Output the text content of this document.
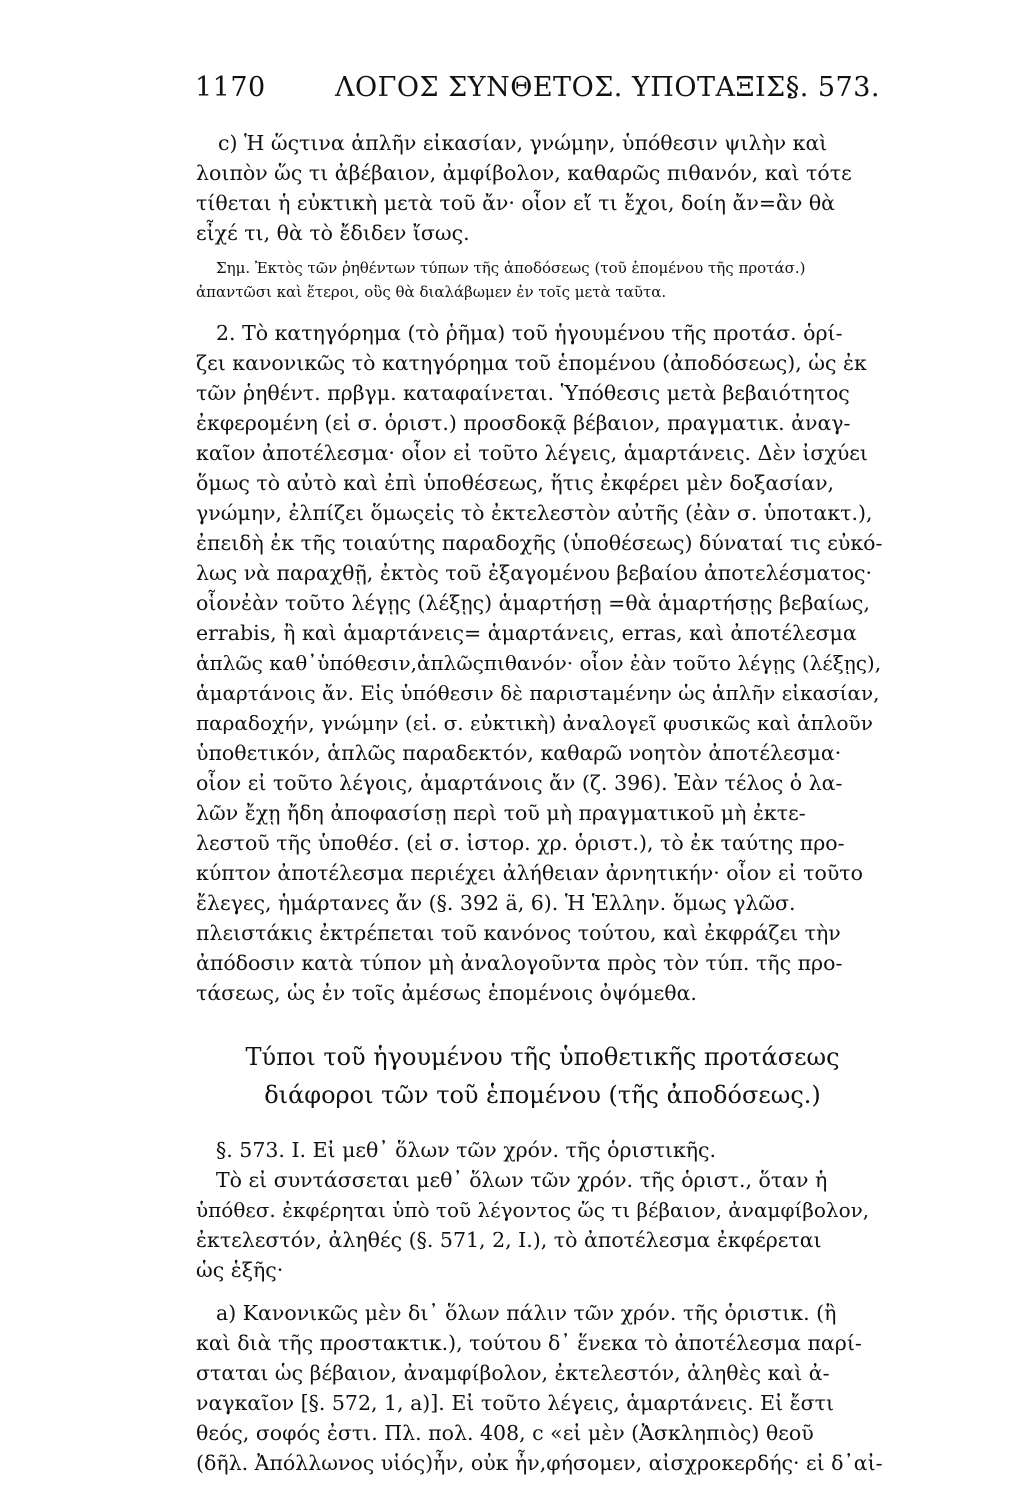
1170	ΛΟΓΟΣ ΣΥΝΘΕΤΟΣ. ΥΠΟΤΑΞΙΣ.
§. 573.
c) Ἡ ὥςτινα ἁπλῆν εἰκασίαν, γνώμην, ὑπόθεσιν ψιλὴν καὶ
λοιπὸν ὥς τι ἀβέβαιον, ἀμφίβολον, καθαρῶς πιθανόν, καὶ τότε
τίθεται ἡ εὐκτικὴ μετὰ τοῦ ἄν· οἷον εἴ τι ἔχοι, δοίη ἄν=ἂν θὰ
εἶχέ τι, θὰ τὸ ἔδιδεν ἴσως.
Σημ. Ἐκτὸς τῶν ῥηθέντων τύπων τῆς ἀποδόσεως (τοῦ ἑπομένου τῆς προτάσ.)
ἀπαντῶσι καὶ ἕτεροι, οὓς θὰ διαλάβωμεν ἐν τοῖς μετὰ ταῦτα.
2. Τὸ κατηγόρημα (τὸ ῥῆμα) τοῦ ἡγουμένου τῆς προτάσ. ὁρί-
ζει κανονικῶς τὸ κατηγόρημα τοῦ ἑπομένου (ἀποδόσεως), ὡς ἐκ
τῶν ῥηθέντ. πρβγμ. καταφαίνεται. Ὑπόθεσις μετὰ βεβαιότητος
ἐκφερομένη (εἰ σ. ὁριστ.) προσδοκᾷ βέβαιον, πραγματικ. ἀναγ-
καῖον ἀποτέλεσμα· οἷον εἰ τοῦτο λέγεις, ἁμαρτάνεις. Δὲν ἰσχύει
ὅμως τὸ αὐτὸ καὶ ἐπὶ ὑποθέσεως, ἥτις ἐκφέρει μὲν δοξασίαν,
γνώμην, ἐλπίζει ὅμωςεἰς τὸ ἐκτελεστὸν αὐτῆς (ἐὰν σ. ὑποτακτ.),
ἐπειδὴ ἐκ τῆς τοιαύτης παραδοχῆς (ὑποθέσεως) δύναταί τις εὐκό-
λως νὰ παραχθῇ, ἐκτὸς τοῦ ἐξαγομένου βεβαίου ἀποτελέσματος·
οἷονἐὰν τοῦτο λέγῃς (λέξῃς) ἁμαρτήσῃ =θὰ ἁμαρτήσῃς βεβαίως,
errabis, ἢ καὶ ἁμαρτάνεις= ἁμαρτάνεις, erras, καὶ ἀποτέλεσμα
ἁπλῶς καθ᾽ὑπόθεσιν,ἁπλῶςπιθανόν· οἷον ἐὰν τοῦτο λέγῃς (λέξῃς),
ἁμαρτάνοις ἄν. Εἰς ὑπόθεσιν δὲ παριστaμένην ὡς ἁπλῆν εἰκασίαν,
παραδοχήν, γνώμην (εἰ. σ. εὐκτικὴ) ἀναλογεῖ φυσικῶς καὶ ἁπλοῦν
ὑποθετικόν, ἁπλῶς παραδεκτόν, καθαρῶ νοητὸν ἀποτέλεσμα·
οἷον εἰ τοῦτο λέγοις, ἁμαρτάνοις ἄν (ζ. 396). Ἐὰν τέλος ὁ λα-
λῶν ἔχῃ ἤδη ἀποφασίσῃ περὶ τοῦ μὴ πραγματικοῦ μὴ ἐκτε-
λεστοῦ τῆς ὑποθέσ. (εἰ σ. ἱστορ. χρ. ὁριστ.), τὸ ἐκ ταύτης προ-
κύπτον ἀποτέλεσμα περιέχει ἀλήθειαν ἀρνητικήν· οἷον εἰ τοῦτο
ἔλεγες, ἡμάρτανες ἄν (§. 392 ä, 6). Ἡ Ἑλλην. ὅμως γλῶσ.
πλειστάκις ἐκτρέπεται τοῦ κανόνος τούτου, καὶ ἐκφράζει τὴν
ἀπόδοσιν κατὰ τύπον μὴ ἀναλογοῦντα πρὸς τὸν τύπ. τῆς προ-
τάσεως, ὡς ἐν τοῖς ἀμέσως ἑπομένοις ὀψόμεθα.
Τύποι τοῦ ἡγουμένου τῆς ὑποθετικῆς προτάσεως
διάφοροι τῶν τοῦ ἑπομένου (τῆς ἀποδόσεως.)
§. 573. I. Εἰ μεθ᾽ ὅλων τῶν χρόν. τῆς ὁριστικῆς.
Τὸ εἰ συντάσσεται μεθ᾽ ὅλων τῶν χρόν. τῆς ὁριστ., ὅταν ἡ
ὑπόθεσ. ἐκφέρηται ὑπὸ τοῦ λέγοντος ὥς τι βέβαιον, ἀναμφίβολον,
ἐκτελεστόν, ἀληθές (§. 571, 2, I.), τὸ ἀποτέλεσμα ἐκφέρεται
ὡς ἑξῆς·
a) Κανονικῶς μὲν δι᾽ ὅλων πάλιν τῶν χρόν. τῆς ὁριστικ. (ἢ
καὶ διὰ τῆς προστακτικ.), τούτου δ᾽ ἕνεκα τὸ ἀποτέλεσμα παρί-
σταται ὡς βέβαιον, ἀναμφίβολον, ἐκτελεστόν, ἀληθὲς καὶ ἀ-
ναγκαῖον [§. 572, 1, a)]. Εἰ τοῦτο λέγεις, ἁμαρτάνεις. Εἰ ἔστι
θεός, σοφός ἐστι. Πλ. πολ. 408, c «εἰ μὲν (Ἀσκληπιὸς) θεοῦ
(δῆλ. Ἀπόλλωνος υἱός)ἦν, οὐκ ἦν,φήσομεν, αἰσχροκερδής· εἰ δ᾽αἰ-
